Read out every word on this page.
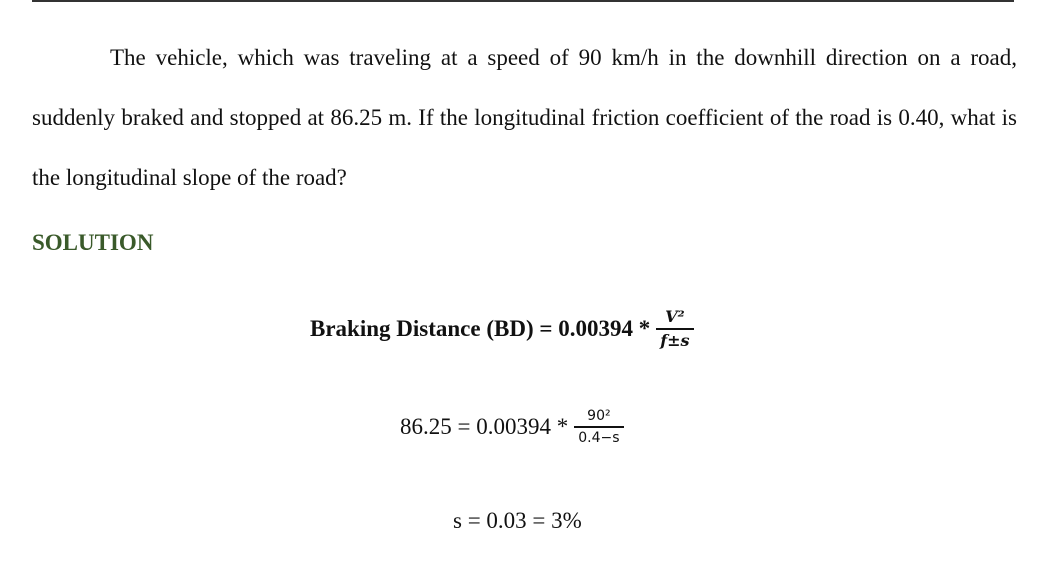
The vehicle, which was traveling at a speed of 90 km/h in the downhill direction on a road, suddenly braked and stopped at 86.25 m. If the longitudinal friction coefficient of the road is 0.40, what is the longitudinal slope of the road?

SOLUTION
Braking Distance $(BD) = 0.00394 * \frac{\text{V²}}{f\pm s}$
$86.25 = 0.00394 * \frac{\text{90²}}{0.4-s}$
s = 0.03 = 3%
